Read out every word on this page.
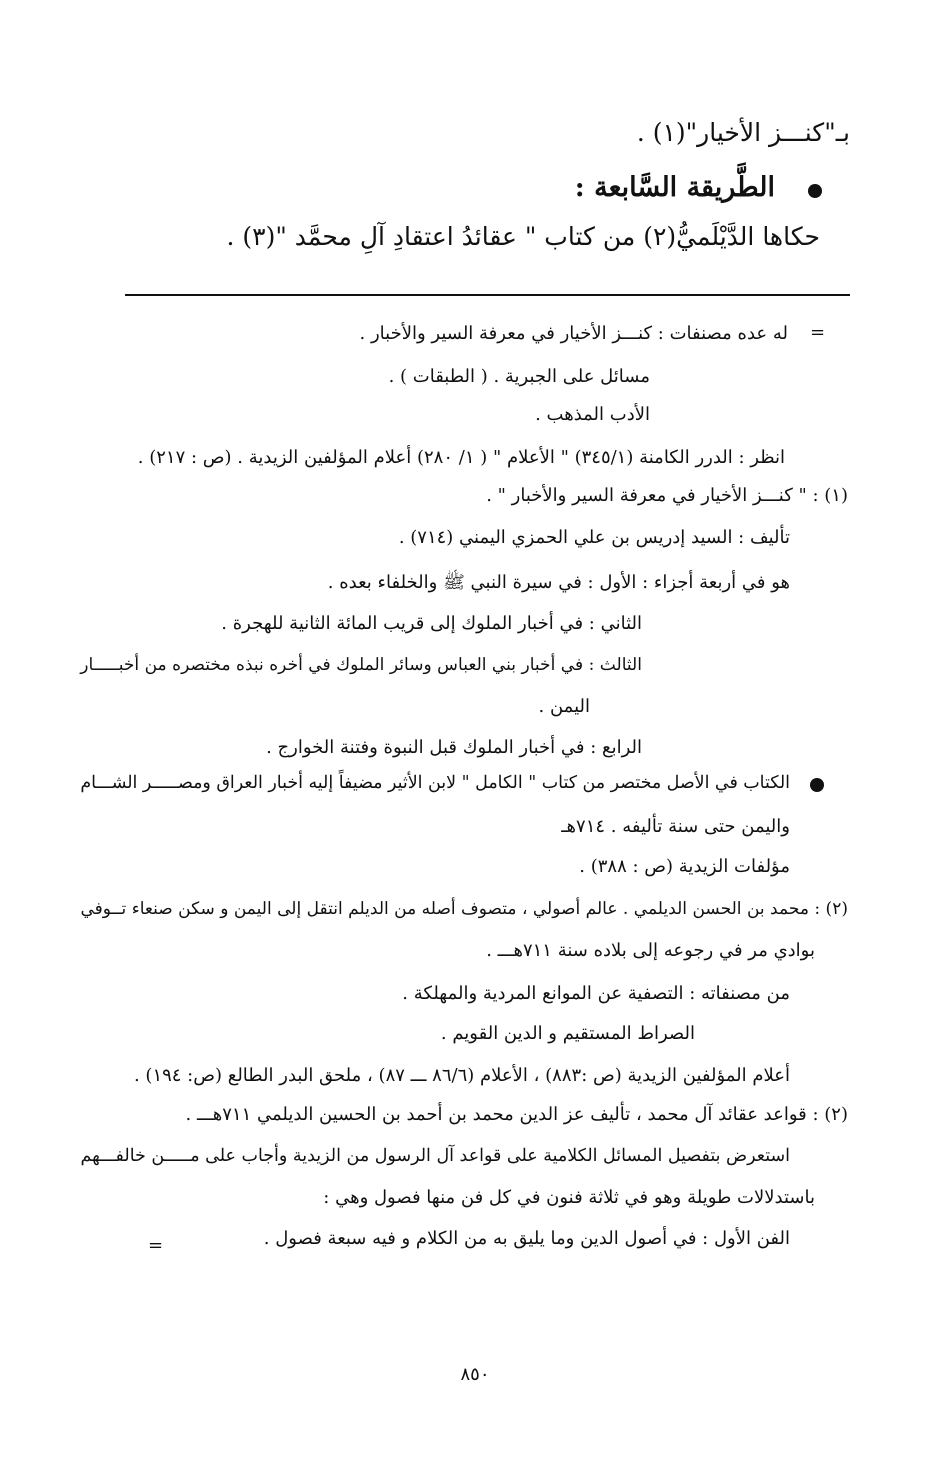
بـ"كنـــز الأخيار"(١) .
الطَّريقة السَّابعة :
حكاها الدَّيْلَميُّ(٢) من كتاب " عقائدُ اعتقادِ آلِ محمَّد "(٣) .
=
له عده مصنفات : كنـــز الأخيار في معرفة السير والأخبار .
مسائل على الجبرية . ( الطبقات ) .
الأدب المذهب .
انظر : الدرر الكامنة (٣٤٥/١) " الأعلام " ( ١/ ٢٨٠) أعلام المؤلفين الزيدية . (ص : ٢١٧) .
(١) : " كنـــز الأخيار في معرفة السير والأخبار " .
تأليف : السيد إدريس بن علي الحمزي اليمني (٧١٤) .
هو في أربعة أجزاء : الأول : في سيرة النبي ﷺ والخلفاء بعده .
الثاني : في أخبار الملوك إلى قريب المائة الثانية للهجرة .
الثالث : في أخبار بني العباس وسائر الملوك في أخره نبذه مختصره من أخبـــــار
اليمن .
الرابع : في أخبار الملوك قبل النبوة وفتنة الخوارج .
الكتاب في الأصل مختصر من كتاب " الكامل " لابن الأثير مضيفاً إليه أخبار العراق ومصـــــر الشـــام
واليمن حتى سنة تأليفه . ٧١٤هـ
مؤلفات الزيدية (ص : ٣٨٨) .
(٢) : محمد بن الحسن الديلمي . عالم أصولي ، متصوف أصله من الديلم انتقل إلى اليمن و سكن صنعاء تــوفي
بوادي مر في رجوعه إلى بلاده سنة ٧١١هـــ .
من مصنفاته : التصفية عن الموانع المردية والمهلكة .
الصراط المستقيم و الدين القويم .
أعلام المؤلفين الزيدية (ص :٨٨٣) ، الأعلام (٨٦/٦ ـــ ٨٧) ، ملحق البدر الطالع (ص: ١٩٤) .
(٢) : قواعد عقائد آل محمد ، تأليف عز الدين محمد بن أحمد بن الحسين الديلمي ٧١١هـــ .
استعرض بتفصيل المسائل الكلامية على قواعد آل الرسول من الزيدية وأجاب على مـــــن خالفـــهم
باستدلالات طويلة وهو في ثلاثة فنون في كل فن منها فصول وهي :
الفن الأول : في أصول الدين وما يليق به من الكلام و فيه سبعة فصول .
=
٨٥٠
